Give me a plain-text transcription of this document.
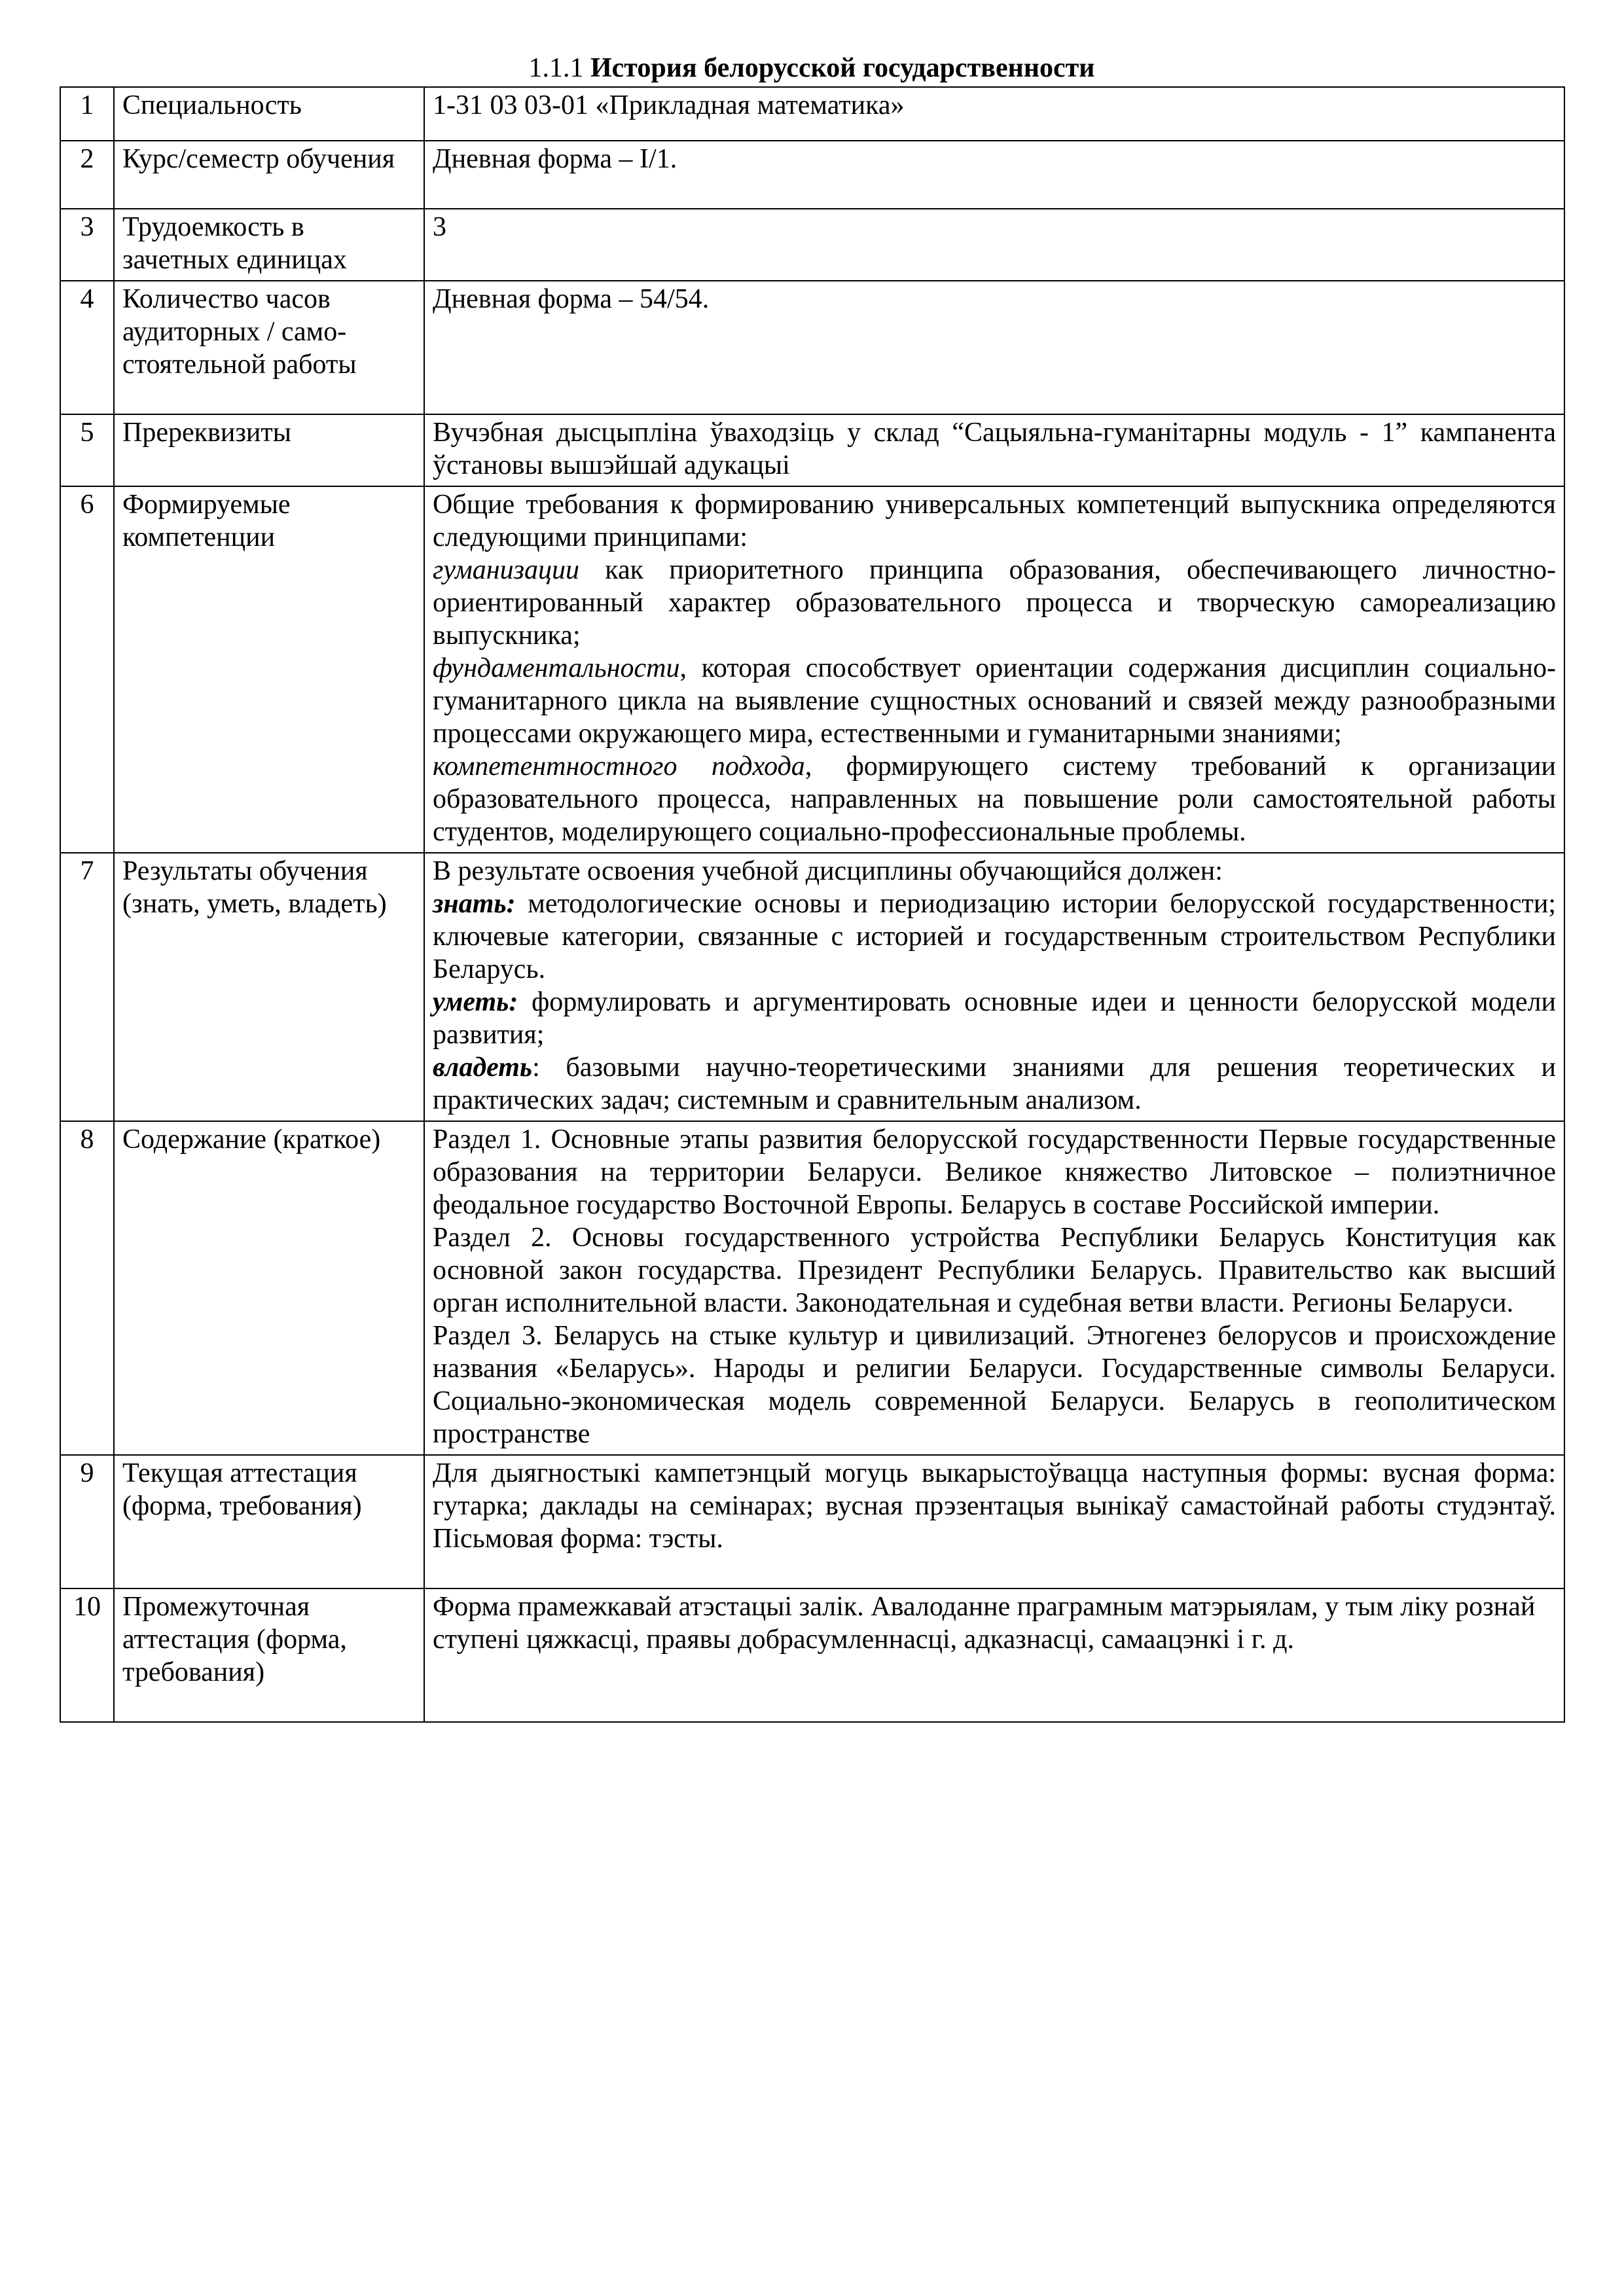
1.1.1 История белорусской государственности
1	Специальность	1-31 03 03-01 «Прикладная математика»
2	Курс/семестр обучения	Дневная форма – I/1.
3	Трудоемкость в зачетных единицах	3
4	Количество часов аудиторных / само-стоятельной работы	Дневная форма – 54/54.
5	Пререквизиты	Вучэбная дысцыпліна ўваходзіць у склад “Сацыяльна-гуманітарны модуль - 1” кампанента ўстановы вышэйшай адукацыі
6	Формируемые компетенции	Общие требования к формированию универсальных компетенций выпускника определяются следующими принципами:
гуманизации как приоритетного принципа образования, обеспечивающего личностно-ориентированный характер образовательного процесса и творческую самореализацию выпускника;
фундаментальности, которая способствует ориентации содержания дисциплин социально-гуманитарного цикла на выявление сущностных оснований и связей между разнообразными процессами окружающего мира, естественными и гуманитарными знаниями;
компетентностного подхода, формирующего систему требований к организации образовательного процесса, направленных на повышение роли самостоятельной работы студентов, моделирующего социально-профессиональные проблемы.

7	Результаты обучения (знать, уметь, владеть)	В результате освоения учебной дисциплины обучающийся должен:
знать: методологические основы и периодизацию истории белорусской государственности; ключевые категории, связанные с историей и государственным строительством Республики Беларусь.
уметь: формулировать и аргументировать основные идеи и ценности белорусской модели развития;
владеть: базовыми научно-теоретическими знаниями для решения теоретических и практических задач; системным и сравнительным анализом.

8	Содержание (краткое)	Раздел 1. Основные этапы развития белорусской государственности Первые государственные образования на территории Беларуси. Великое княжество Литовское – полиэтничное феодальное государство Восточной Европы. Беларусь в составе Российской империи.
Раздел 2. Основы государственного устройства Республики Беларусь Конституция как основной закон государства. Президент Республики Беларусь. Правительство как высший орган исполнительной власти. Законодательная и судебная ветви власти. Регионы Беларуси.
Раздел 3. Беларусь на стыке культур и цивилизаций. Этногенез белорусов и происхождение названия «Беларусь». Народы и религии Беларуси. Государственные символы Беларуси. Социально-экономическая модель современной Беларуси. Беларусь в геополитическом пространстве

9	Текущая аттестация (форма, требования)	Для дыягностыкі кампетэнцый могуць выкарыстоўвацца наступныя формы: вусная форма: гутарка; даклады на семінарах; вусная прэзентацыя вынікаў самастойнай работы студэнтаў. Пісьмовая форма: тэсты.
10	Промежуточная аттестация (форма, требования)	Форма прамежкавай атэстацыі залік. Авалоданне праграмным матэрыялам, у тым ліку рознай ступені цяжкасці, праявы добрасумленнасці, адказнасці, самаацэнкі і г. д.
